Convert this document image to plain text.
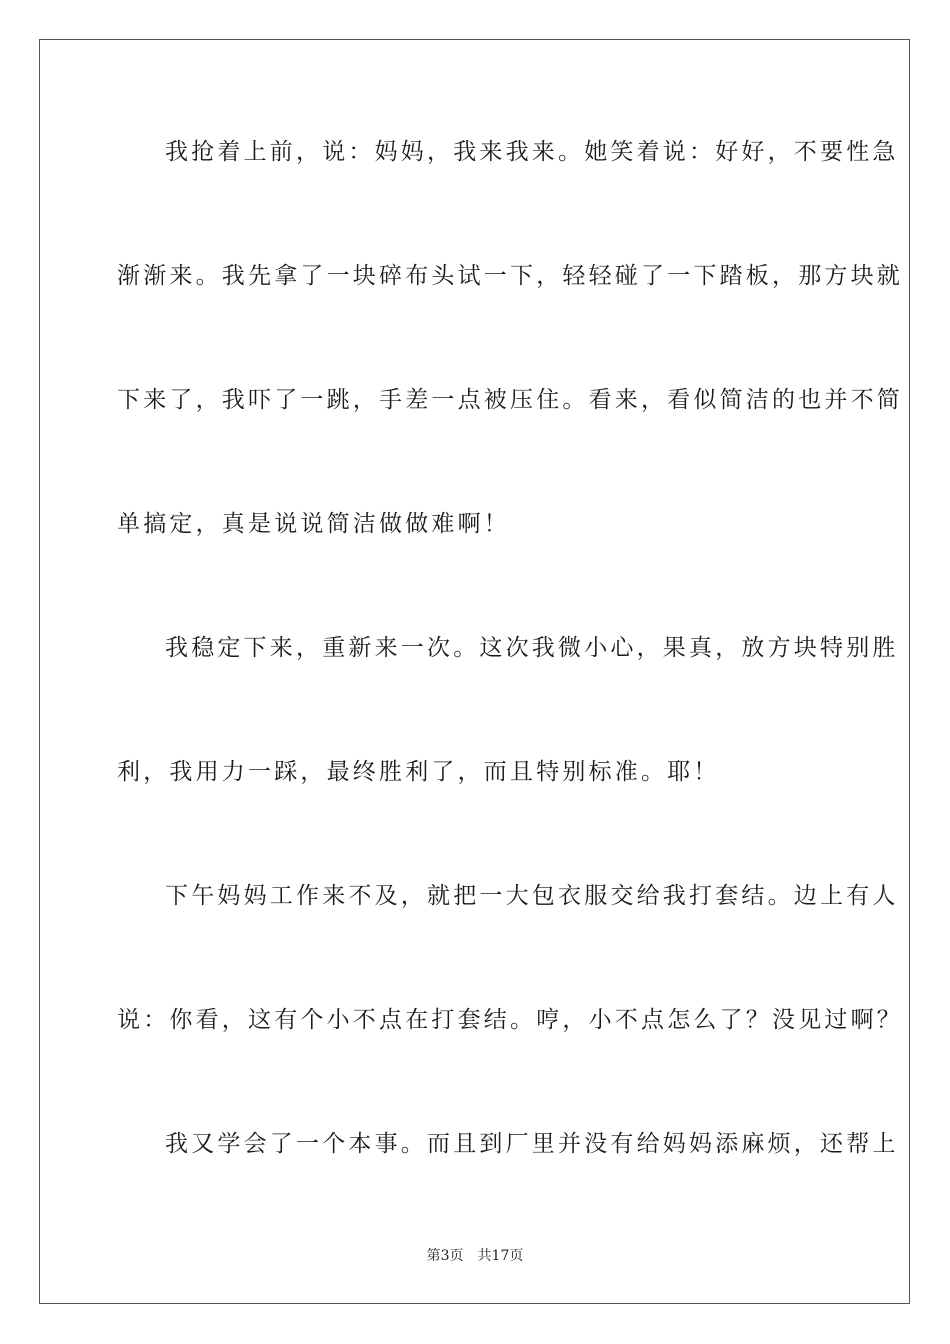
我抢着上前，说：妈妈，我来我来。她笑着说：好好，不要性急
渐渐来。我先拿了一块碎布头试一下，轻轻碰了一下踏板，那方块就
下来了，我吓了一跳，手差一点被压住。看来，看似简洁的也并不简
单搞定，真是说说简洁做做难啊！
我稳定下来，重新来一次。这次我微小心，果真，放方块特别胜
利，我用力一踩，最终胜利了，而且特别标准。耶！
下午妈妈工作来不及，就把一大包衣服交给我打套结。边上有人
说：你看，这有个小不点在打套结。哼，小不点怎么了？没见过啊？
我又学会了一个本事。而且到厂里并没有给妈妈添麻烦，还帮上
第3页 共17页
